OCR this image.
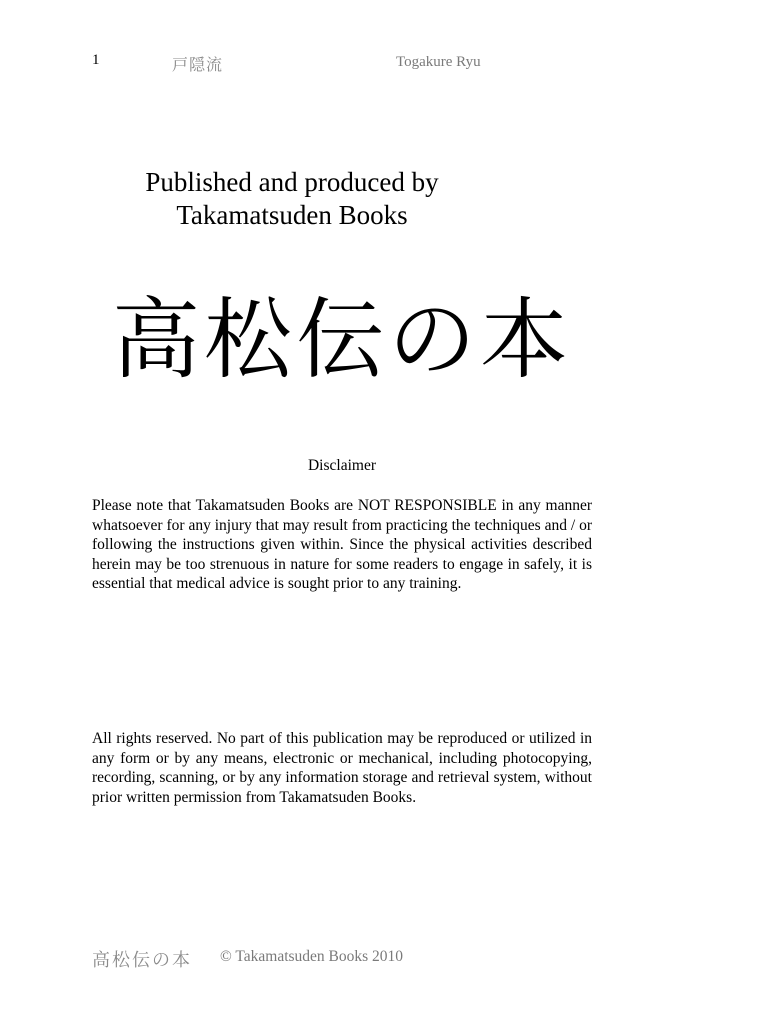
1	戸隠流	Togakure Ryu
Published and produced by
Takamatsuden Books
高松伝の本
Disclaimer
Please note that Takamatsuden Books are NOT RESPONSIBLE in any manner whatsoever for any injury that may result from practicing the techniques and / or following the instructions given within. Since the physical activities described herein may be too strenuous in nature for some readers to engage in safely, it is essential that medical advice is sought prior to any training.
All rights reserved. No part of this publication may be reproduced or utilized in any form or by any means, electronic or mechanical, including photocopying, recording, scanning, or by any information storage and retrieval system, without prior written permission from Takamatsuden Books.
高松伝の本 © Takamatsuden Books 2010
